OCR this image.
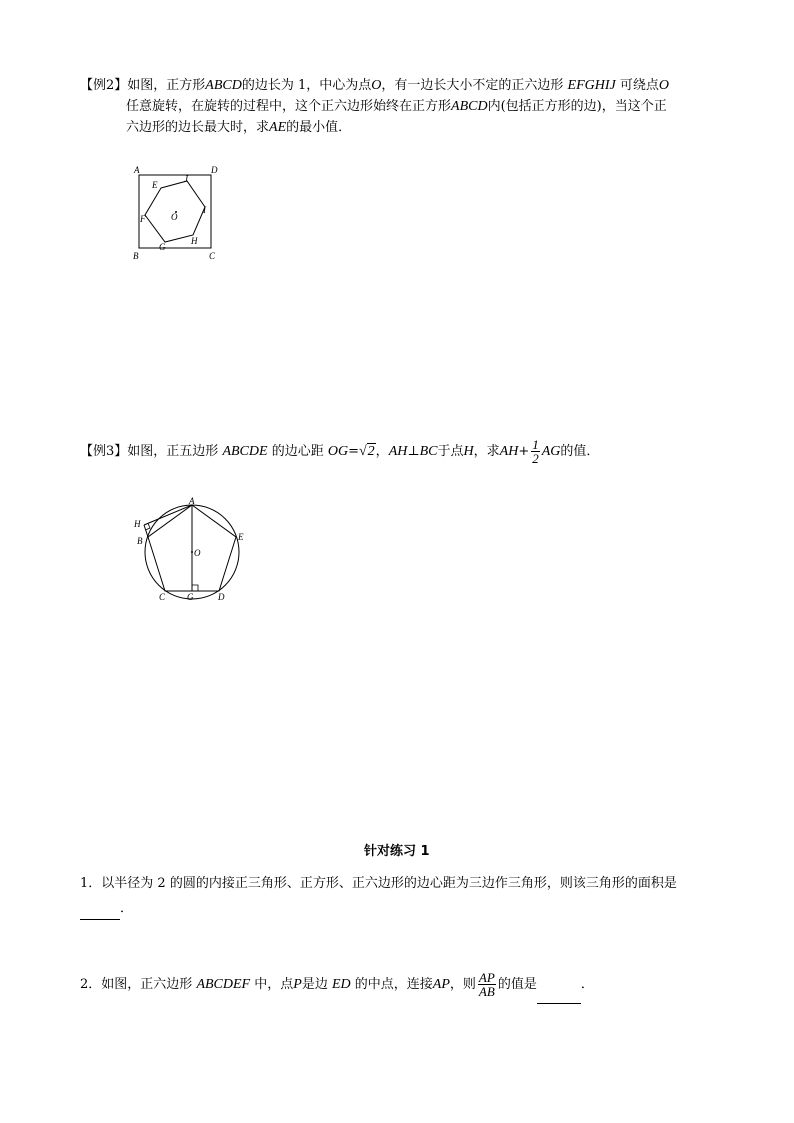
【例2】如图，正方形ABCD的边长为 1，中心为点O，有一边长大小不定的正六边形 EFGHIJ 可绕点O
任意旋转，在旋转的过程中，这个正六边形始终在正方形ABCD内(包括正方形的边)，当这个正
六边形的边长最大时，求AE的最小值．
A	D
B	C
E
J
F
I
O
G
H
【例3】如图，正五边形 ABCDE 的边心距 OG=√2，AH⊥BC于点H，求$AH+ \frac{1}{2}$ AG的值．
A
H
B
O
E
C G	D
针对练习 1
1．以半径为 2 的圆的内接正三角形、正方形、正六边形的边心距为三边作三角形，则该三角形的面积是
．
2．如图，正六边形 ABCDEF 中，点P是边 ED 的中点，连接AP，则 $\frac{AP}{AB}$ 的值是	．
